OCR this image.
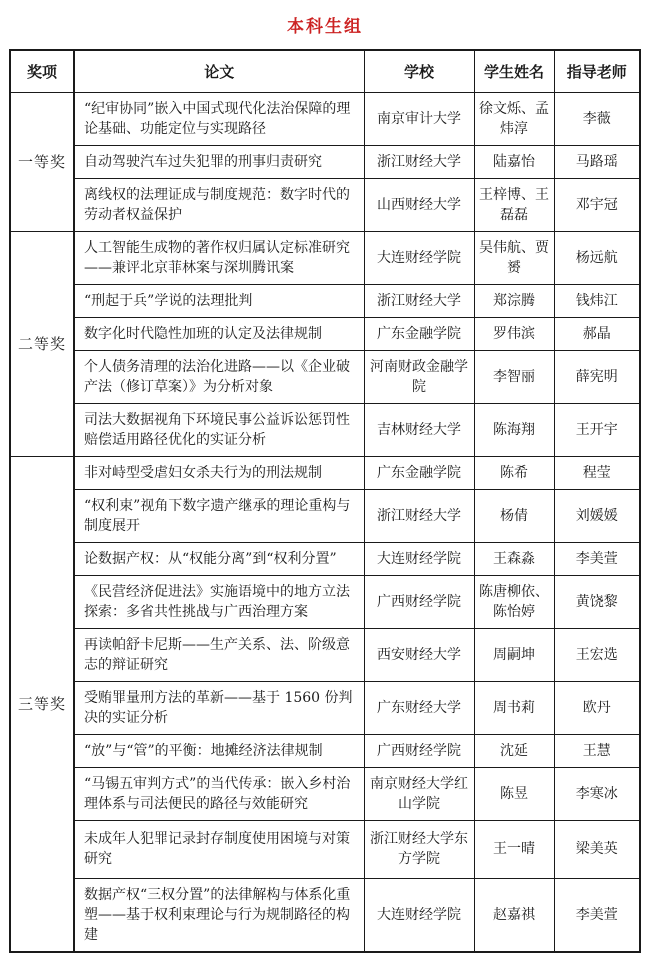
本科生组
奖项	论文	学校	学生姓名	指导老师
一等奖	“纪审协同”嵌入中国式现代化法治保障的理论基础、功能定位与实现路径	南京审计大学	徐文烁、孟炜淳	李薇
	自动驾驶汽车过失犯罪的刑事归责研究	浙江财经大学	陆嘉怡	马路瑶
	离线权的法理证成与制度规范：数字时代的劳动者权益保护	山西财经大学	王梓博、王磊磊	邓宇冠
二等奖	人工智能生成物的著作权归属认定标准研究——兼评北京菲林案与深圳腾讯案	大连财经学院	吴伟航、贾赟	杨远航
	“刑起于兵”学说的法理批判	浙江财经大学	郑淙腾	钱炜江
	数字化时代隐性加班的认定及法律规制	广东金融学院	罗伟滨	郝晶
	个人债务清理的法治化进路——以《企业破产法（修订草案）》为分析对象	河南财政金融学院	李智丽	薛宪明
	司法大数据视角下环境民事公益诉讼惩罚性赔偿适用路径优化的实证分析	吉林财经大学	陈海翔	王开宇
三等奖	非对峙型受虐妇女杀夫行为的刑法规制	广东金融学院	陈希	程莹
	“权利束”视角下数字遗产继承的理论重构与制度展开	浙江财经大学	杨倩	刘媛媛
	论数据产权：从“权能分离”到“权利分置”	大连财经学院	王森淼	李美萱
	《民营经济促进法》实施语境中的地方立法探索：多省共性挑战与广西治理方案	广西财经学院	陈唐柳依、陈怡婷	黄饶黎
	再读帕舒卡尼斯——生产关系、法、阶级意志的辩证研究	西安财经大学	周嗣坤	王宏选
	受贿罪量刑方法的革新——基于 1560 份判决的实证分析	广东财经大学	周书莉	欧丹
	“放”与“管”的平衡：地摊经济法律规制	广西财经学院	沈延	王慧
	“马锡五审判方式”的当代传承：嵌入乡村治理体系与司法便民的路径与效能研究	南京财经大学红山学院	陈昱	李寒冰
	未成年人犯罪记录封存制度使用困境与对策研究	浙江财经大学东方学院	王一晴	梁美英
	数据产权“三权分置”的法律解构与体系化重塑——基于权利束理论与行为规制路径的构建	大连财经学院	赵嘉祺	李美萱
